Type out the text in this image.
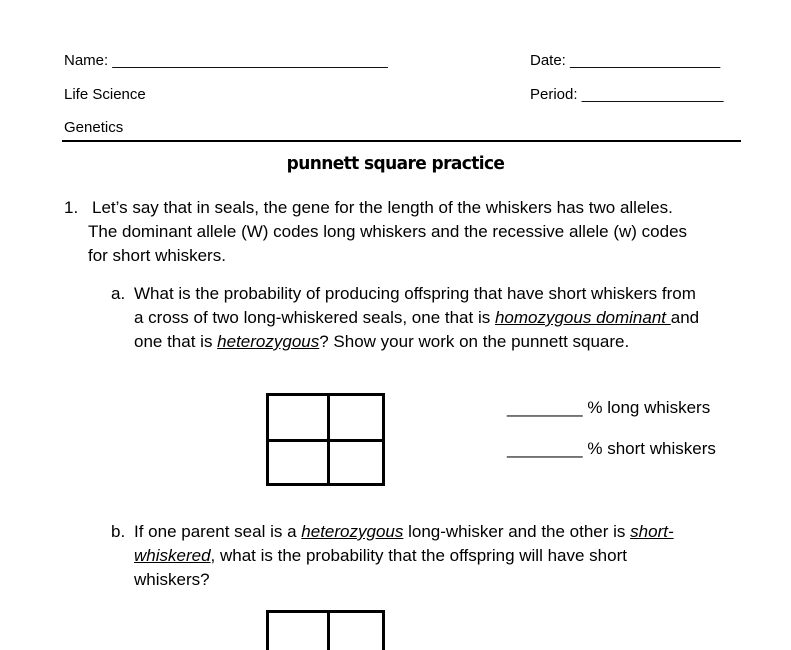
Name: _________________________________	Date: __________________
Life Science	Period: _________________
Genetics
punnett square practice
1. Let’s say that in seals, the gene for the length of the whiskers has two alleles.
The dominant allele (W) codes long whiskers and the recessive allele (w) codes
for short whiskers.
a. What is the probability of producing offspring that have short whiskers from
a cross of two long-whiskered seals, one that is homozygous dominant and
one that is heterozygous? Show your work on the punnett square.
________ % long whiskers
________ % short whiskers
b. If one parent seal is a heterozygous long-whisker and the other is short-
whiskered, what is the probability that the offspring will have short
whiskers?
